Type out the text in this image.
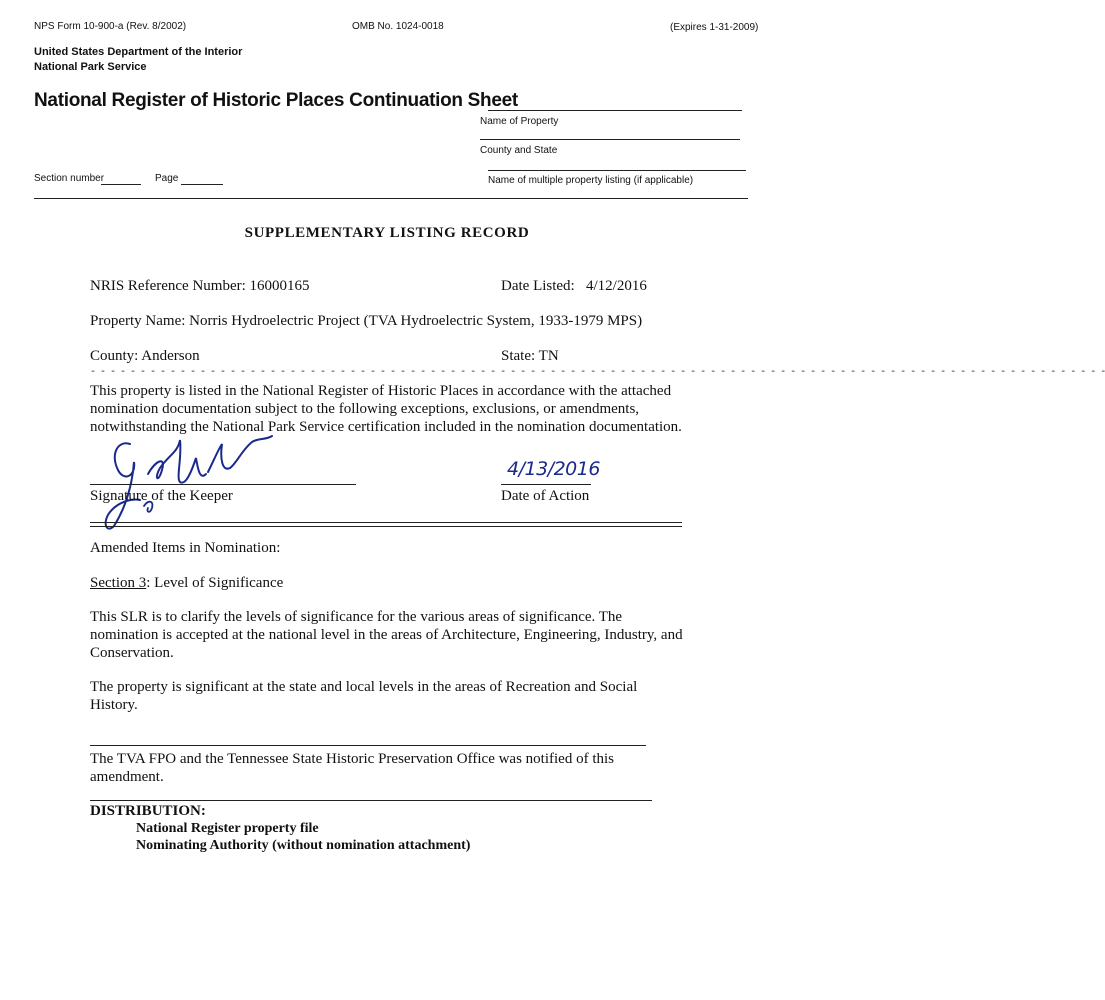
NPS Form 10-900-a (Rev. 8/2002)	OMB No. 1024-0018	(Expires 1-31-2009)
United States Department of the Interior
National Park Service
National Register of Historic Places Continuation Sheet
Name of Property
County and State
Name of multiple property listing (if applicable)
Section number	Page
SUPPLEMENTARY LISTING RECORD
NRIS Reference Number: 16000165	Date Listed: 4/12/2016
Property Name: Norris Hydroelectric Project (TVA Hydroelectric System, 1933-1979 MPS)
County: Anderson	State: TN
- - - - - - - - - - - - - - - - - - - - - - - - - - - - - - - - - - - - - - - - - - - - - - - - - - - - - - - - - - - - - - - - - - - - - - - - - - - - - - - - - - - - - - - - - - - - - - - - - - - - - -
This property is listed in the National Register of Historic Places in accordance with the attached nomination documentation subject to the following exceptions, exclusions, or amendments, notwithstanding the National Park Service certification included in the nomination documentation.
Signature of the Keeper
4/13/2016
Date of Action
Amended Items in Nomination:
Section 3: Level of Significance
This SLR is to clarify the levels of significance for the various areas of significance. The nomination is accepted at the national level in the areas of Architecture, Engineering, Industry, and Conservation.
The property is significant at the state and local levels in the areas of Recreation and Social History.
The TVA FPO and the Tennessee State Historic Preservation Office was notified of this amendment.
DISTRIBUTION:
National Register property file
Nominating Authority (without nomination attachment)
